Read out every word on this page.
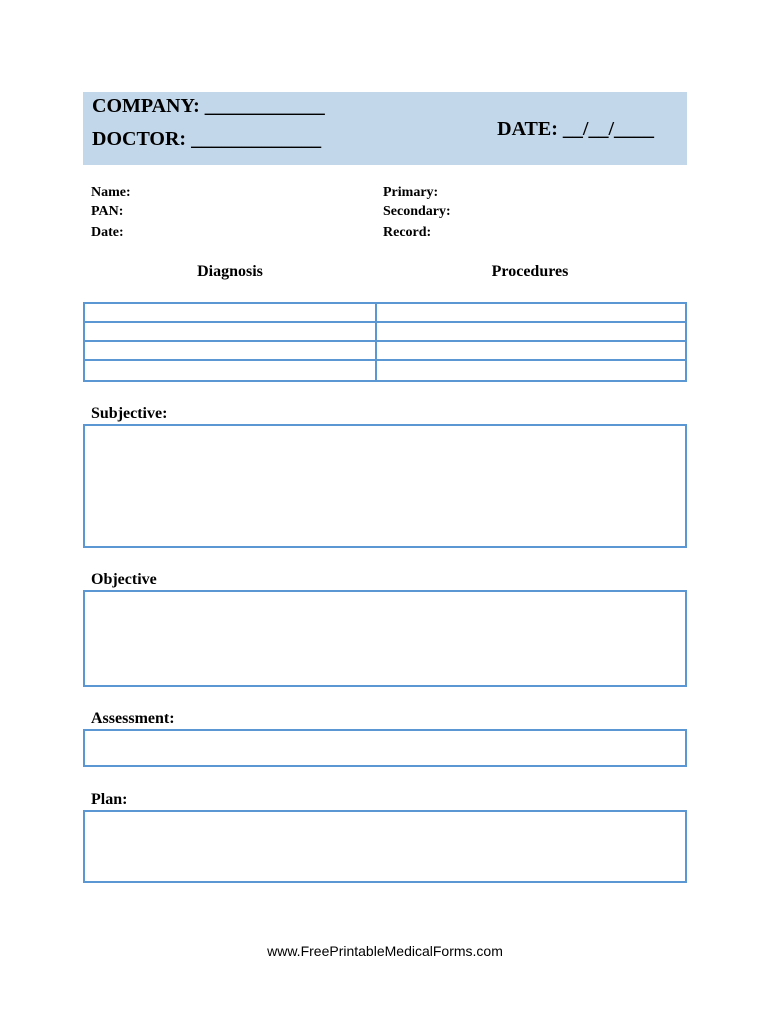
COMPANY: ____________
DOCTOR: _____________	DATE: __/__/____
Name:
PAN:
Date:
Primary:
Secondary:
Record:
Diagnosis	Procedures
Subjective:
Objective
Assessment:
Plan:
www.FreePrintableMedicalForms.com
